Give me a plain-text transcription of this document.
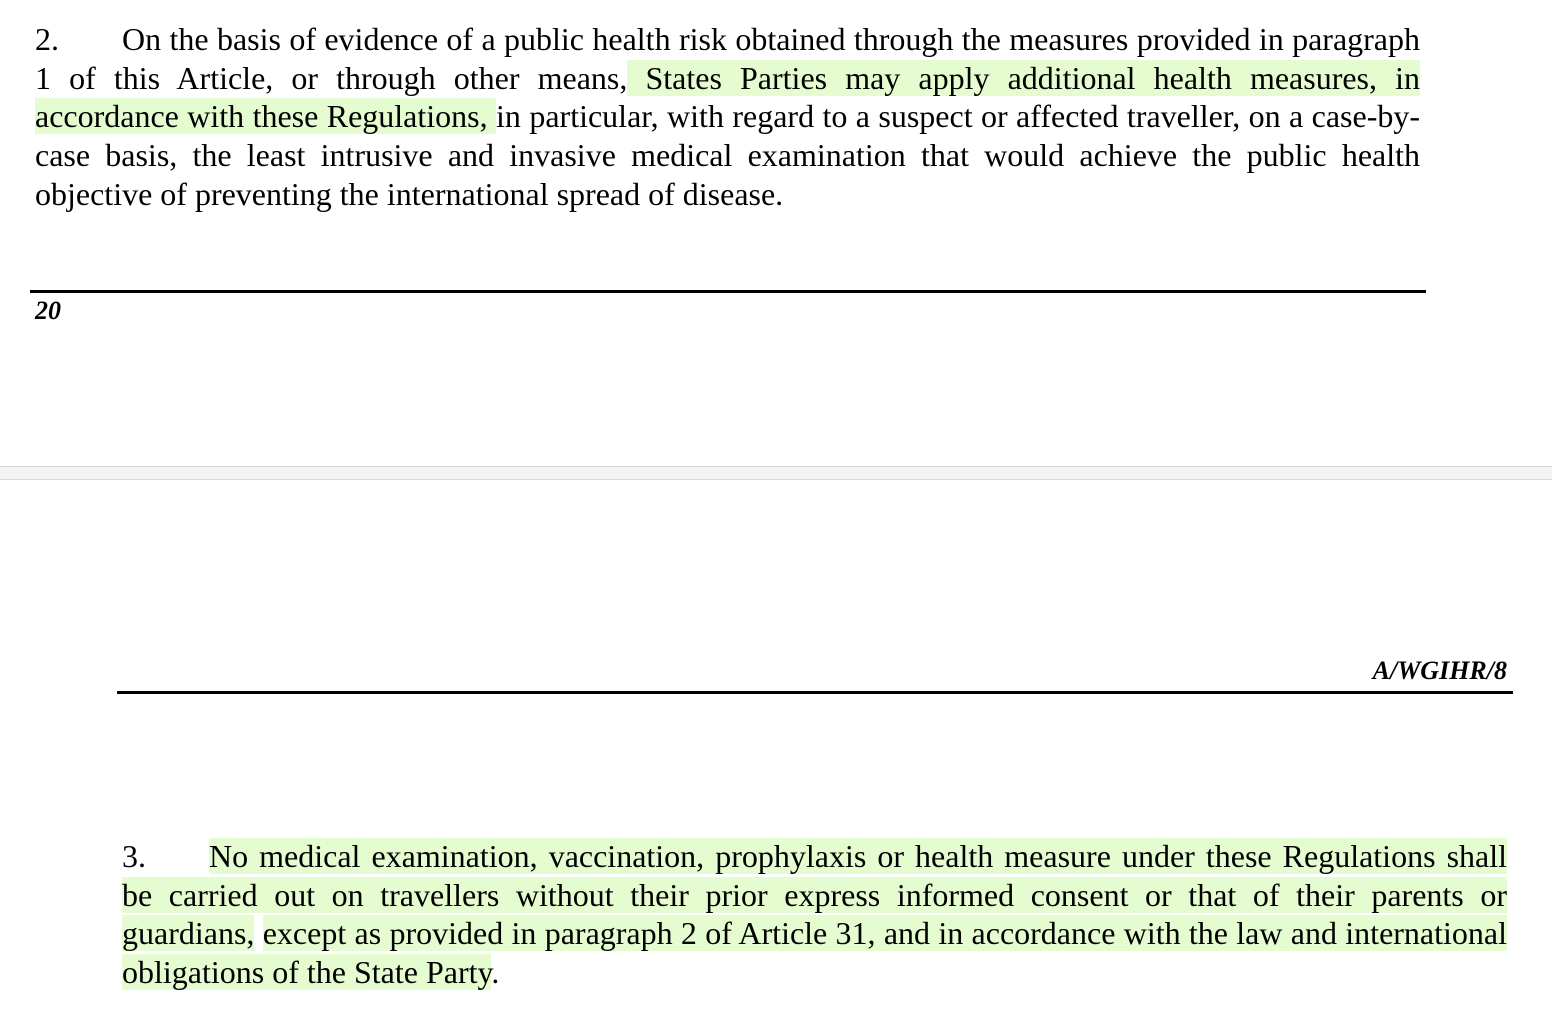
2. On the basis of evidence of a public health risk obtained through the measures provided in paragraph 1 of this Article, or through other means, States Parties may apply additional health measures, in accordance with these Regulations, in particular, with regard to a suspect or affected traveller, on a case-by-case basis, the least intrusive and invasive medical examination that would achieve the public health objective of preventing the international spread of disease.

20
A/WGIHR/8

3. No medical examination, vaccination, prophylaxis or health measure under these Regulations shall be carried out on travellers without their prior express informed consent or that of their parents or guardians, except as provided in paragraph 2 of Article 31, and in accordance with the law and international obligations of the State Party.
